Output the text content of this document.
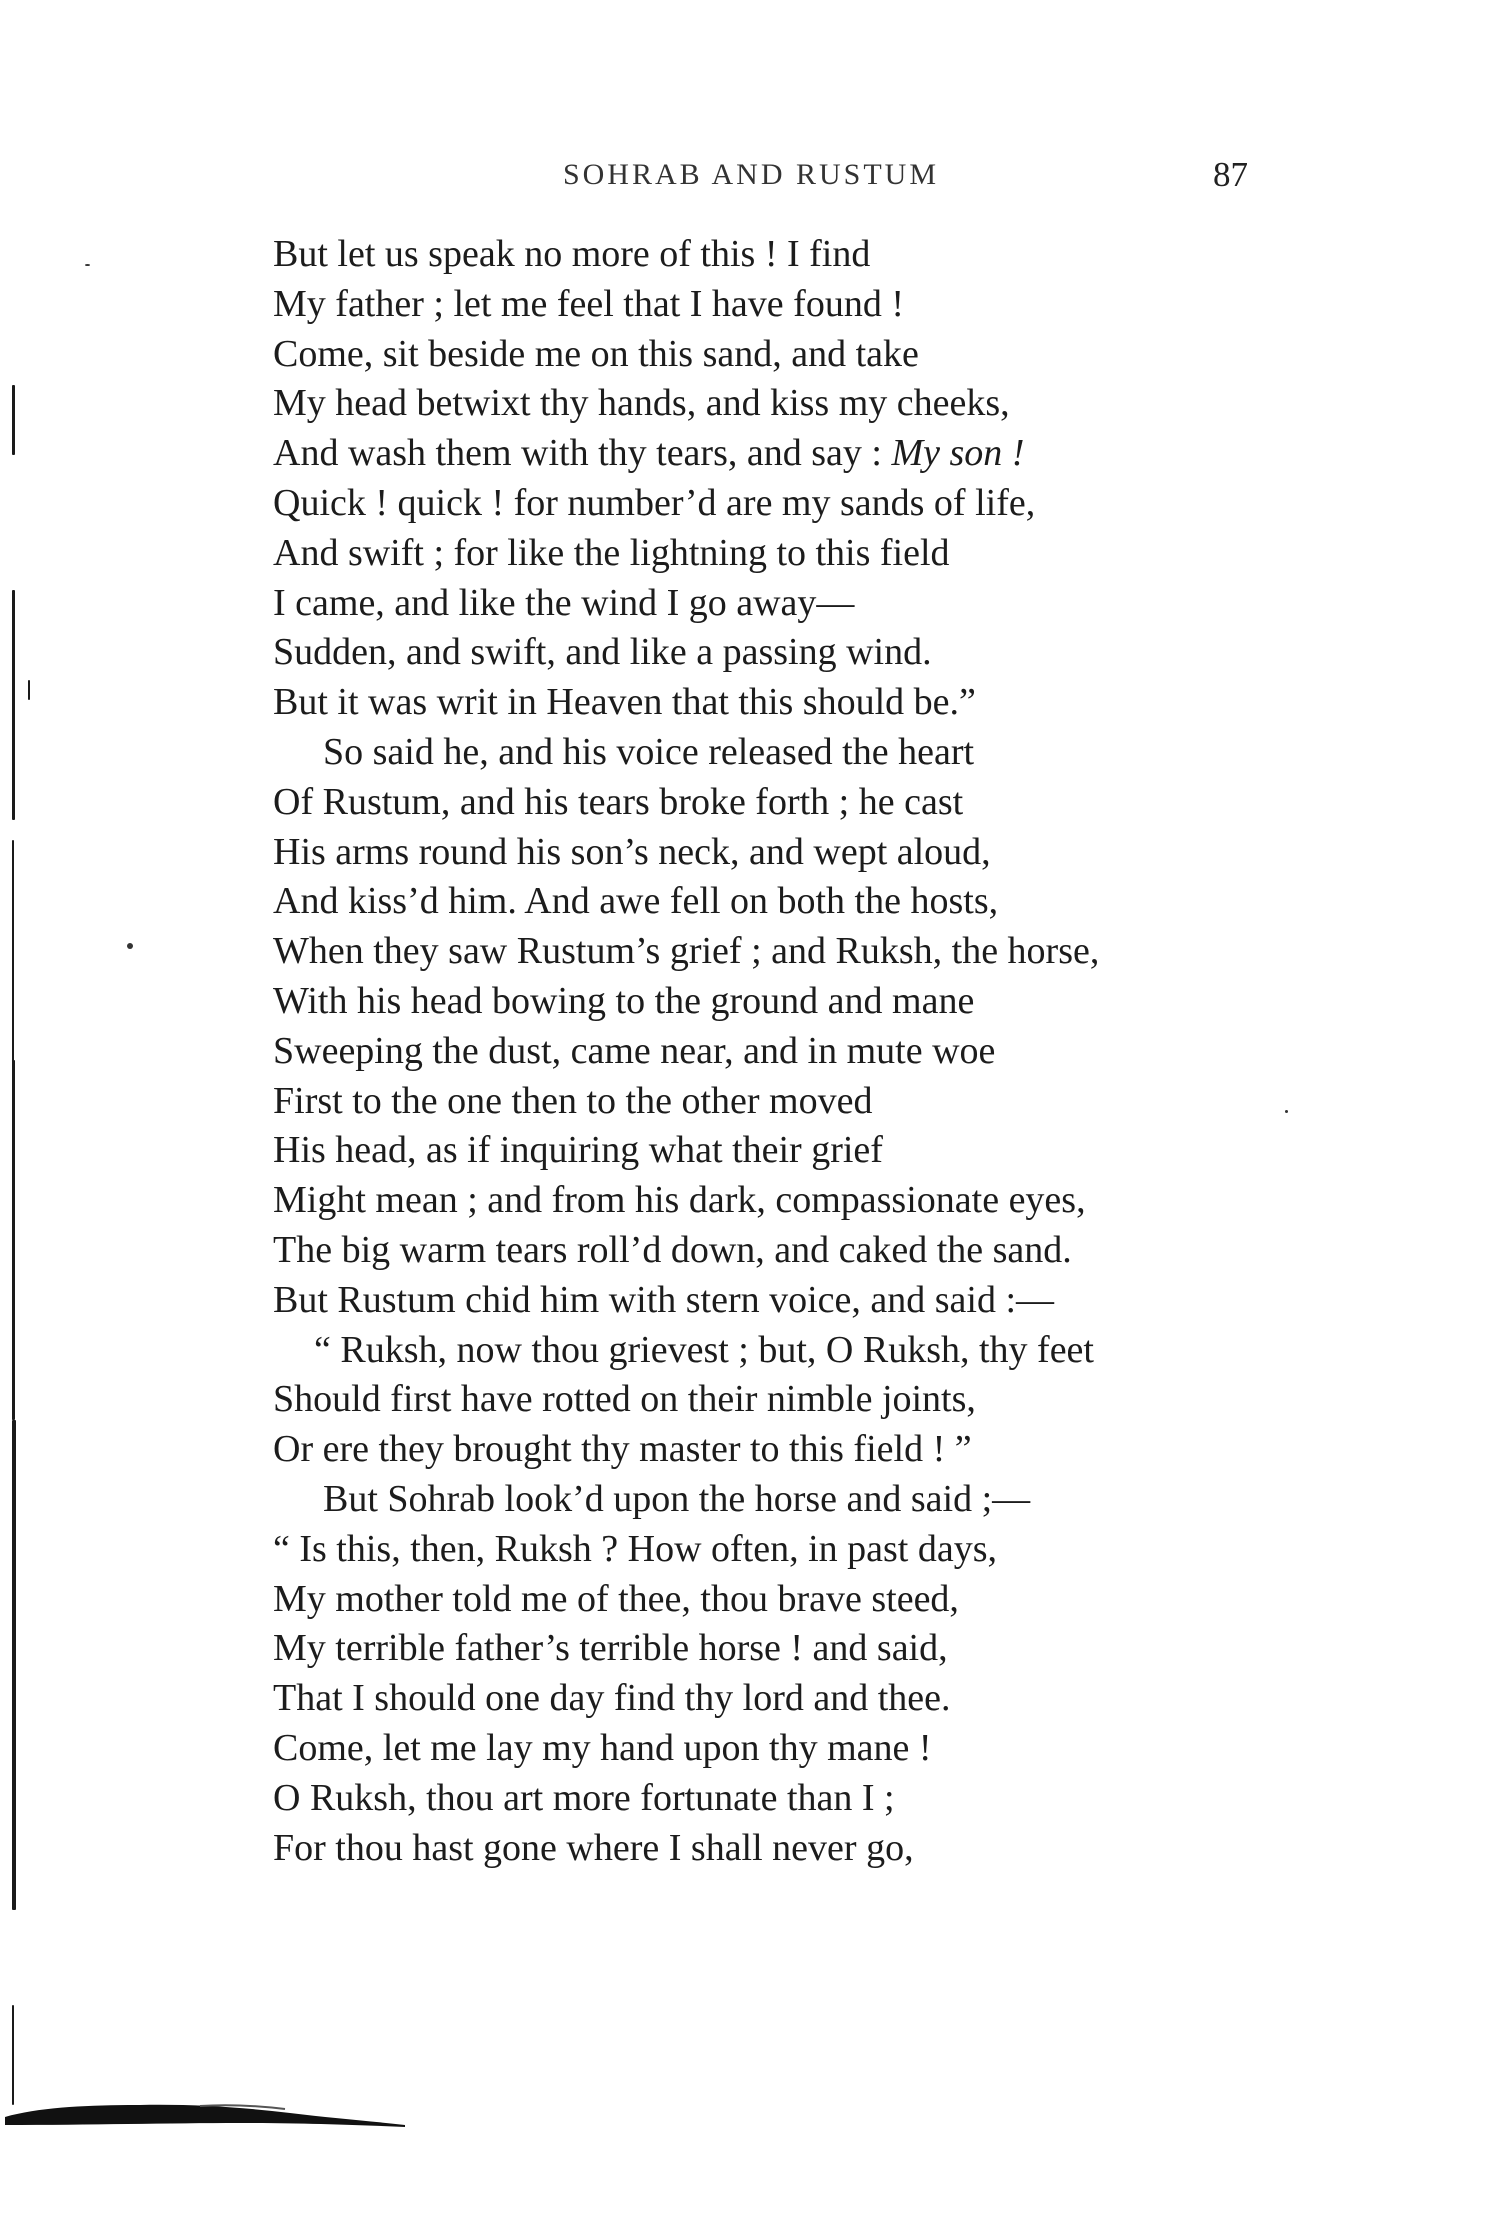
SOHRAB AND RUSTUM	87
But let us speak no more of this ! I find
My father ; let me feel that I have found !
Come, sit beside me on this sand, and take
My head betwixt thy hands, and kiss my cheeks,
And wash them with thy tears, and say : My son !
Quick ! quick ! for number’d are my sands of life,
And swift ; for like the lightning to this field
I came, and like the wind I go away—
Sudden, and swift, and like a passing wind.
But it was writ in Heaven that this should be.”
So said he, and his voice released the heart
Of Rustum, and his tears broke forth ; he cast
His arms round his son’s neck, and wept aloud,
And kiss’d him. And awe fell on both the hosts,
When they saw Rustum’s grief ; and Ruksh, the horse,
With his head bowing to the ground and mane
Sweeping the dust, came near, and in mute woe
First to the one then to the other moved
His head, as if inquiring what their grief
Might mean ; and from his dark, compassionate eyes,
The big warm tears roll’d down, and caked the sand.
But Rustum chid him with stern voice, and said :—
“ Ruksh, now thou grievest ; but, O Ruksh, thy feet
Should first have rotted on their nimble joints,
Or ere they brought thy master to this field ! ”
But Sohrab look’d upon the horse and said ;—
“ Is this, then, Ruksh ? How often, in past days,
My mother told me of thee, thou brave steed,
My terrible father’s terrible horse ! and said,
That I should one day find thy lord and thee.
Come, let me lay my hand upon thy mane !
O Ruksh, thou art more fortunate than I ;
For thou hast gone where I shall never go,
